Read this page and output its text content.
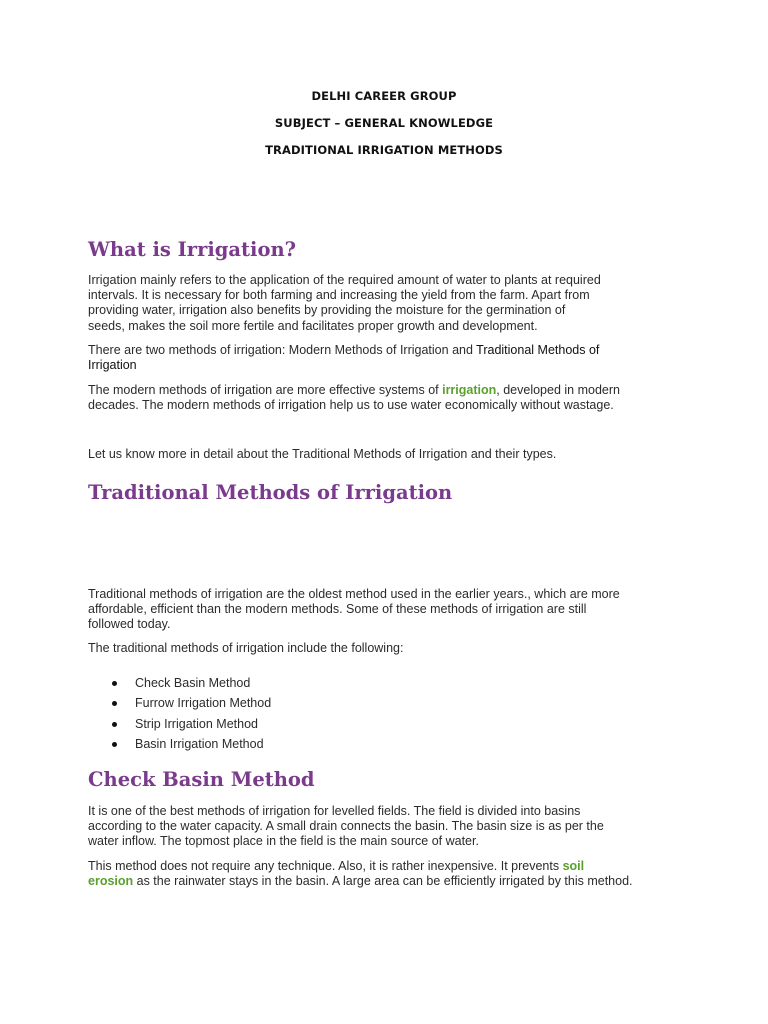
DELHI CAREER GROUP
SUBJECT – GENERAL KNOWLEDGE
TRADITIONAL IRRIGATION METHODS
What is Irrigation?

Irrigation mainly refers to the application of the required amount of water to plants at required
intervals. It is necessary for both farming and increasing the yield from the farm. Apart from
providing water, irrigation also benefits by providing the moisture for the germination of
seeds, makes the soil more fertile and facilitates proper growth and development.

There are two methods of irrigation: Modern Methods of Irrigation and Traditional Methods of
Irrigation

The modern methods of irrigation are more effective systems of irrigation, developed in modern
decades. The modern methods of irrigation help us to use water economically without wastage.

Let us know more in detail about the Traditional Methods of Irrigation and their types.

Traditional Methods of Irrigation

Traditional methods of irrigation are the oldest method used in the earlier years., which are more
affordable, efficient than the modern methods. Some of these methods of irrigation are still
followed today.

The traditional methods of irrigation include the following:

Check Basin Method
Furrow Irrigation Method
Strip Irrigation Method
Basin Irrigation Method
Check Basin Method

It is one of the best methods of irrigation for levelled fields. The field is divided into basins
according to the water capacity. A small drain connects the basin. The basin size is as per the
water inflow. The topmost place in the field is the main source of water.

This method does not require any technique. Also, it is rather inexpensive. It prevents soil
erosion as the rainwater stays in the basin. A large area can be efficiently irrigated by this method.
